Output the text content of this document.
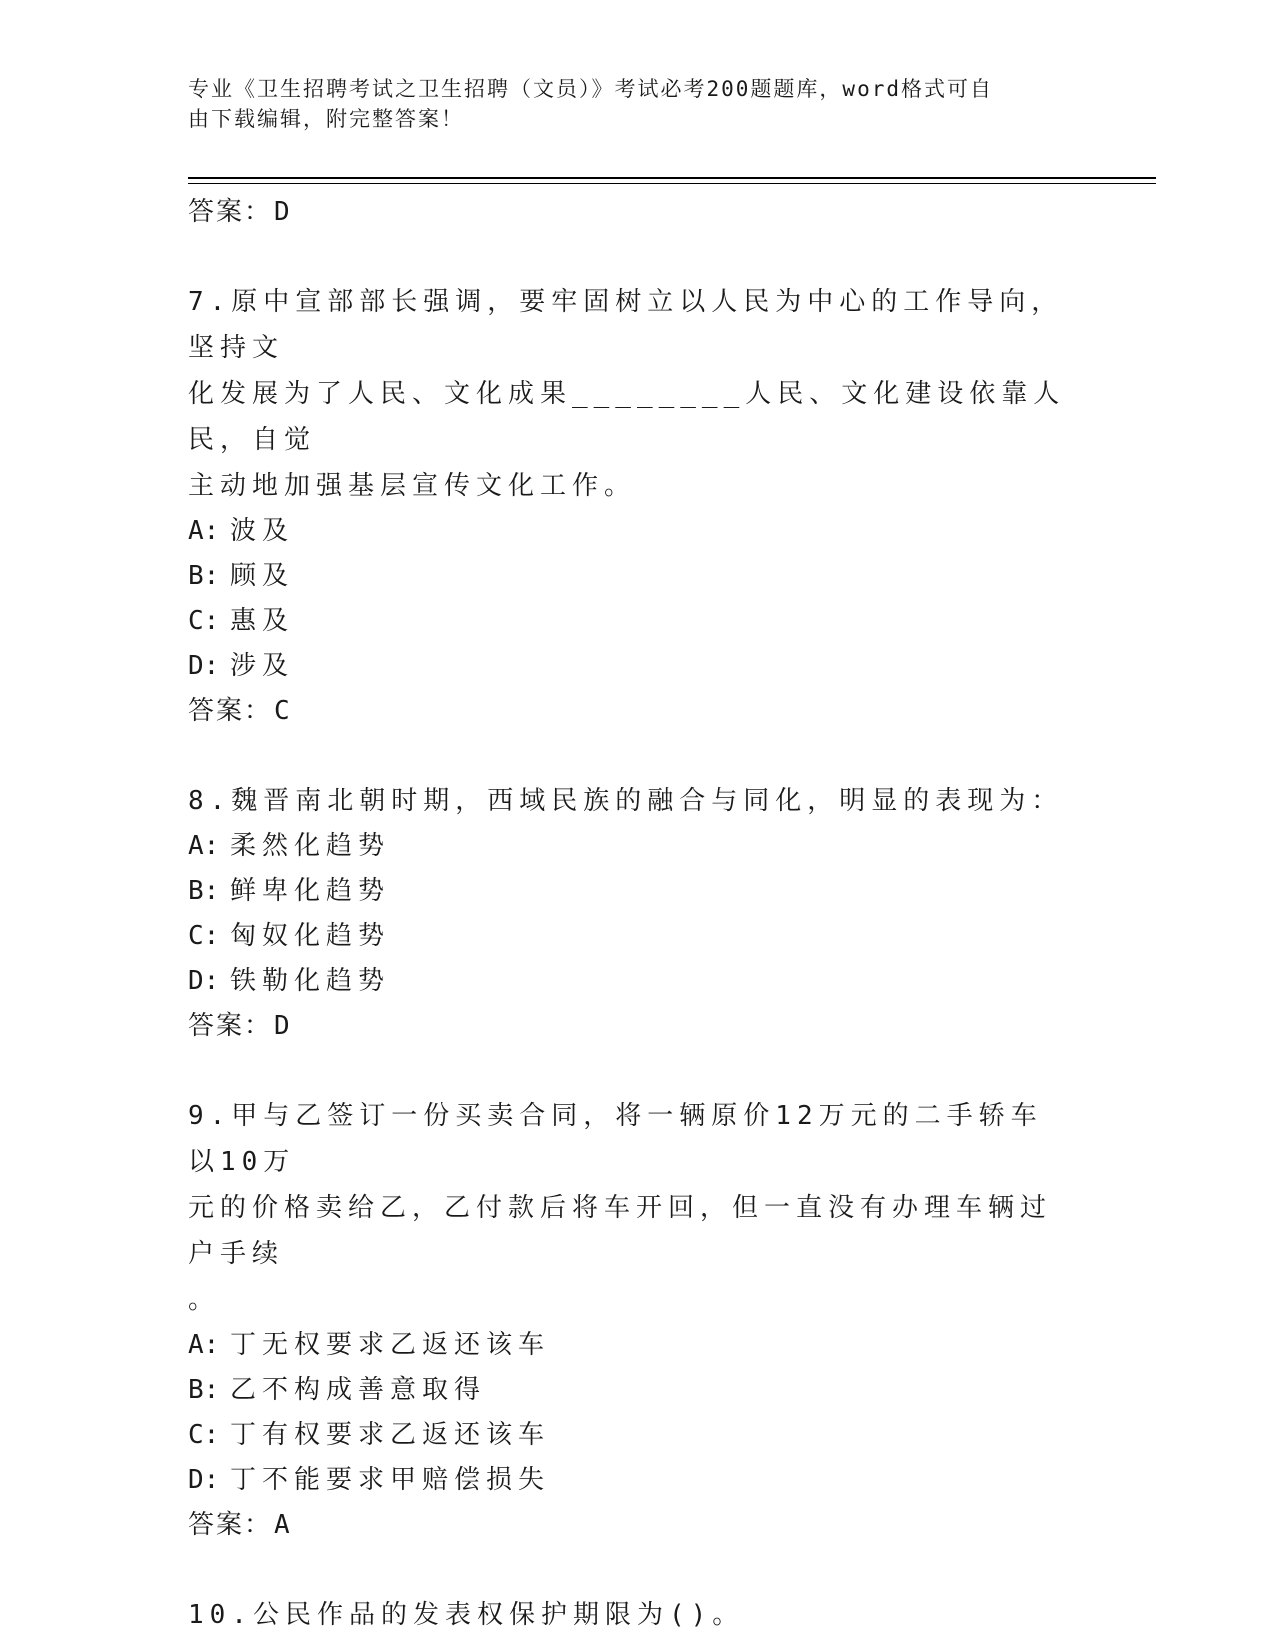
专业《卫生招聘考试之卫生招聘（文员）》考试必考200题题库，word格式可自
由下载编辑，附完整答案！
答案：D
7.原中宣部部长强调，要牢固树立以人民为中心的工作导向，坚持文
化发展为了人民、文化成果________人民、文化建设依靠人民，自觉
主动地加强基层宣传文化工作。
A: 波及
B: 顾及
C: 惠及
D: 涉及
答案：C
8.魏晋南北朝时期，西域民族的融合与同化，明显的表现为：
A: 柔然化趋势
B: 鲜卑化趋势
C: 匈奴化趋势
D: 铁勒化趋势
答案：D
9.甲与乙签订一份买卖合同，将一辆原价12万元的二手轿车以10万
元的价格卖给乙，乙付款后将车开回，但一直没有办理车辆过户手续
。
A: 丁无权要求乙返还该车
B: 乙不构成善意取得
C: 丁有权要求乙返还该车
D: 丁不能要求甲赔偿损失
答案：A
10.公民作品的发表权保护期限为()。
